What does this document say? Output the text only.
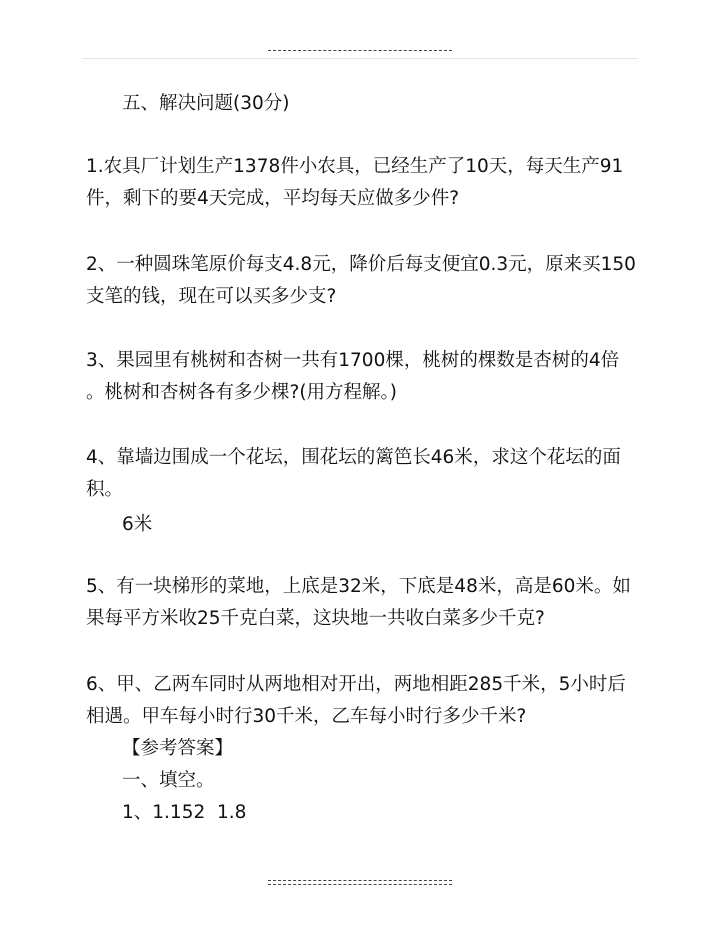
五、解决问题(30分)
1.农具厂计划生产1378件小农具，已经生产了10天，每天生产91
件，剩下的要4天完成，平均每天应做多少件?
2、一种圆珠笔原价每支4.8元，降价后每支便宜0.3元，原来买150
支笔的钱，现在可以买多少支?
3、果园里有桃树和杏树一共有1700棵，桃树的棵数是杏树的4倍
。桃树和杏树各有多少棵?(用方程解。)
4、靠墙边围成一个花坛，围花坛的篱笆长46米，求这个花坛的面
积。
6米
5、有一块梯形的菜地，上底是32米，下底是48米，高是60米。如
果每平方米收25千克白菜，这块地一共收白菜多少千克?
6、甲、乙两车同时从两地相对开出，两地相距285千米，5小时后
相遇。甲车每小时行30千米，乙车每小时行多少千米?
【参考答案】
一、填空。
1、1.152  1.8
